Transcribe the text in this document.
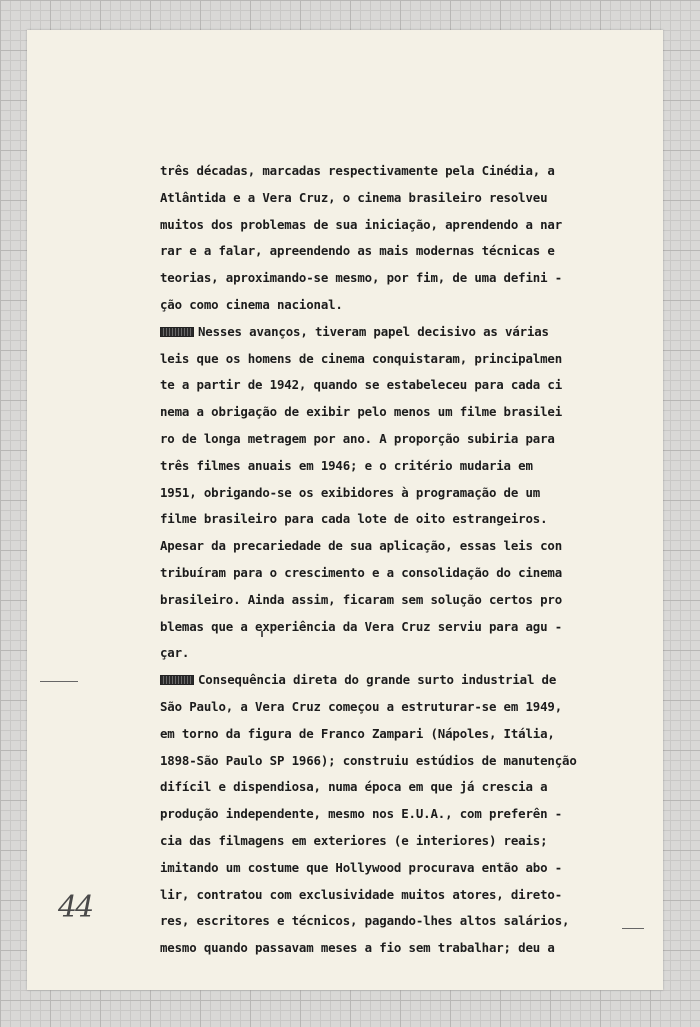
três décadas, marcadas respectivamente pela Cinédia, a
Atlântida e a Vera Cruz, o cinema brasileiro resolveu
muitos dos problemas de sua iniciação, aprendendo a nar
rar e a falar, apreendendo as mais modernas técnicas e
teorias, aproximando-se mesmo, por fim, de uma defini -
ção como cinema nacional.
Nesses avanços, tiveram papel decisivo as várias
leis que os homens de cinema conquistaram, principalmen
te a partir de 1942, quando se estabeleceu para cada ci
nema a obrigação de exibir pelo menos um filme brasilei
ro de longa metragem por ano. A proporção subiria para
três filmes anuais em 1946; e o critério mudaria em
1951, obrigando-se os exibidores à programação de um
filme brasileiro para cada lote de oito estrangeiros.
Apesar da precariedade de sua aplicação, essas leis con
tribuíram para o crescimento e a consolidação do cinema
brasileiro. Ainda assim, ficaram sem solução certos pro
blemas que a experiência da Vera Cruz serviu para agu -
çar.
Consequência direta do grande surto industrial de
São Paulo, a Vera Cruz começou a estruturar-se em 1949,
em torno da figura de Franco Zampari (Nápoles, Itália,
1898-São Paulo SP 1966); construiu estúdios de manutenção
difícil e dispendiosa, numa época em que já crescia a
produção independente, mesmo nos E.U.A., com preferên -
cia das filmagens em exteriores (e interiores) reais;
imitando um costume que Hollywood procurava então abo -
lir, contratou com exclusividade muitos atores, direto-
res, escritores e técnicos, pagando-lhes altos salários,
mesmo quando passavam meses a fio sem trabalhar; deu a
44
